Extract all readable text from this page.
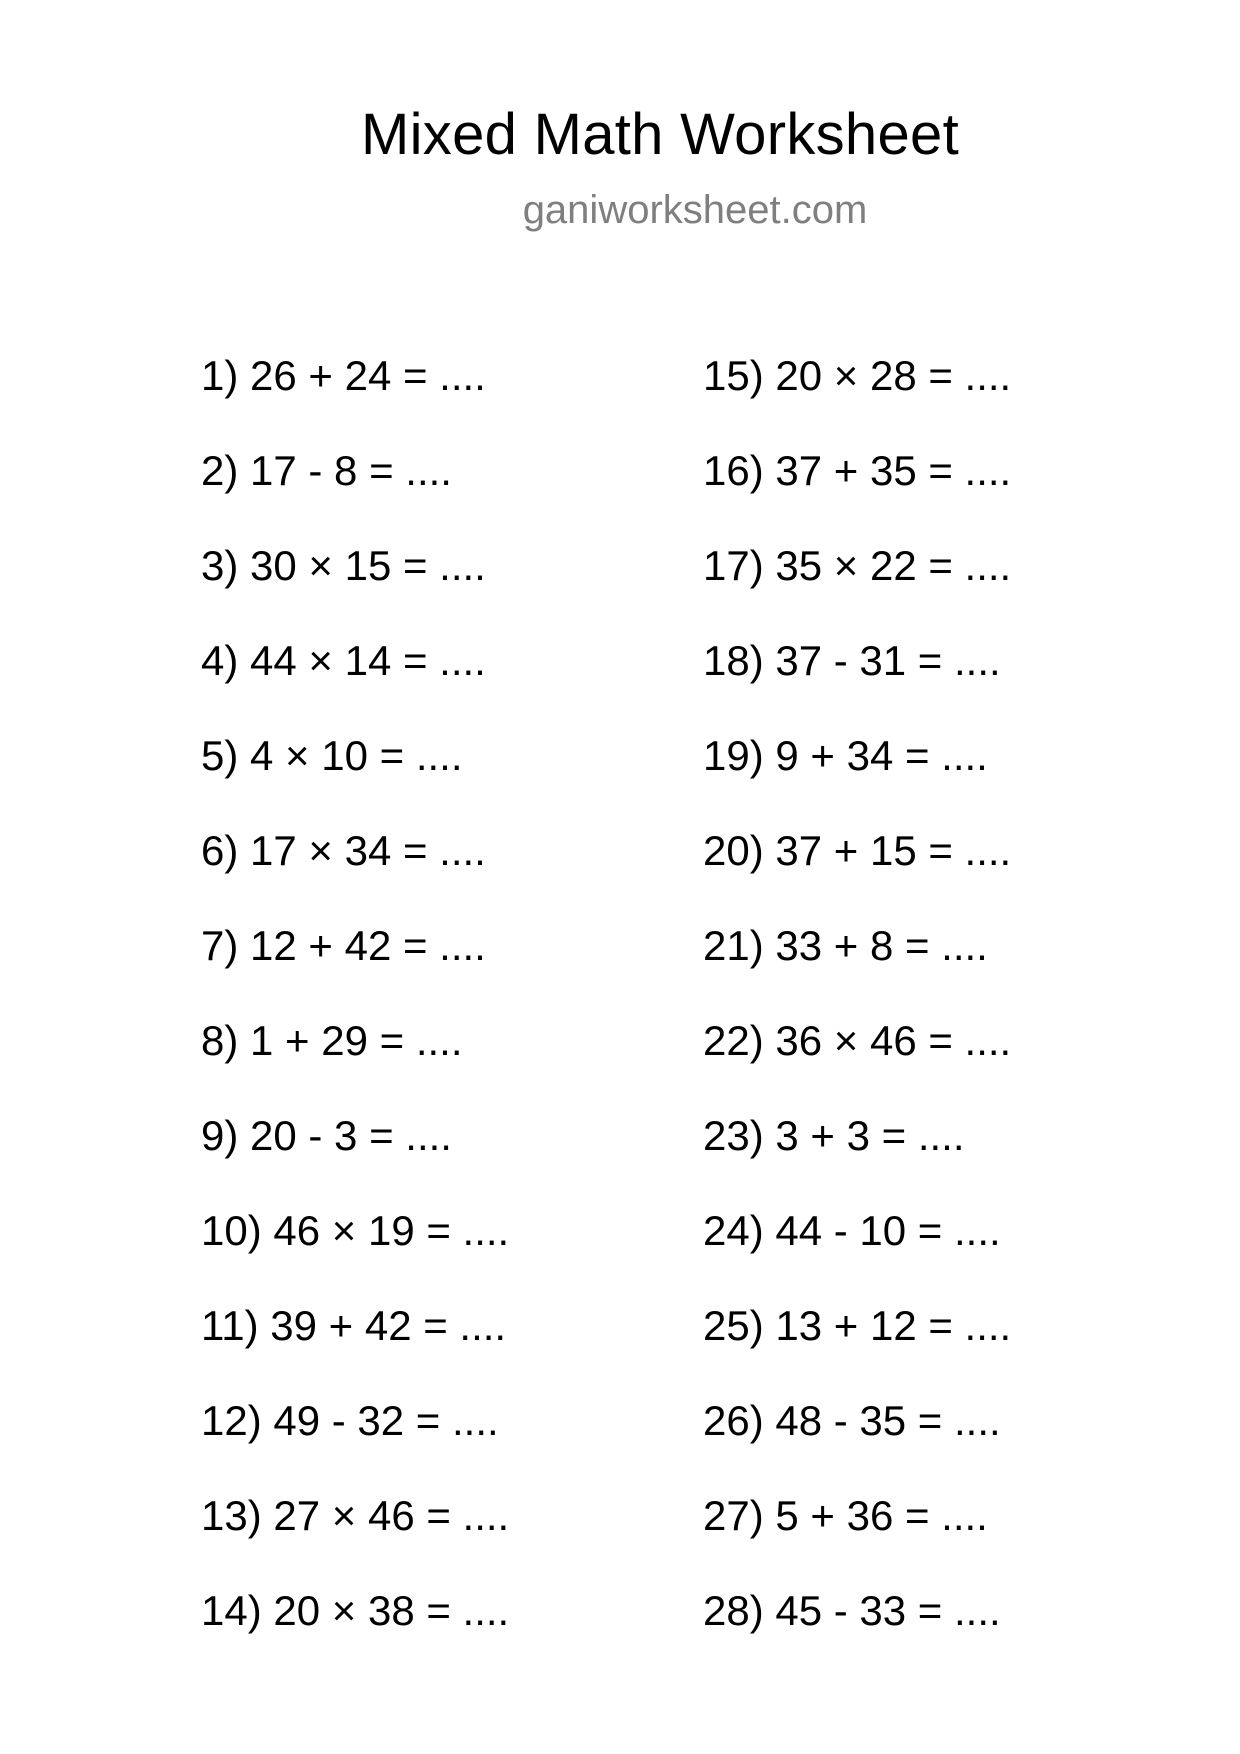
Mixed Math Worksheet
ganiworksheet.com
1) 26 + 24 = ....
2) 17 - 8 = ....
3) 30 × 15 = ....
4) 44 × 14 = ....
5) 4 × 10 = ....
6) 17 × 34 = ....
7) 12 + 42 = ....
8) 1 + 29 = ....
9) 20 - 3 = ....
10) 46 × 19 = ....
11) 39 + 42 = ....
12) 49 - 32 = ....
13) 27 × 46 = ....
14) 20 × 38 = ....
15) 20 × 28 = ....
16) 37 + 35 = ....
17) 35 × 22 = ....
18) 37 - 31 = ....
19) 9 + 34 = ....
20) 37 + 15 = ....
21) 33 + 8 = ....
22) 36 × 46 = ....
23) 3 + 3 = ....
24) 44 - 10 = ....
25) 13 + 12 = ....
26) 48 - 35 = ....
27) 5 + 36 = ....
28) 45 - 33 = ....
